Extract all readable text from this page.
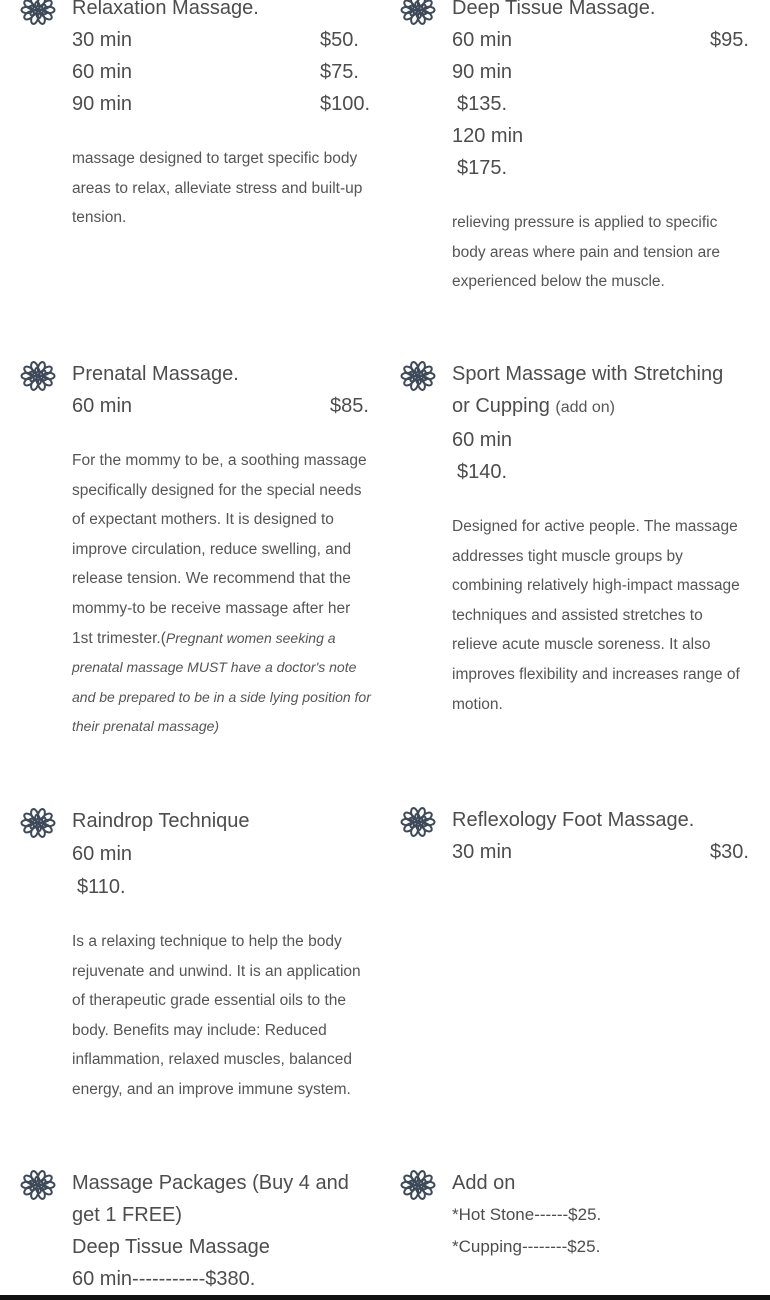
Relaxation Massage.
30 min	$50.
60 min	$75.
90 min	$100.
massage designed to target specific body areas to relax, alleviate stress and built-up tension.
Deep Tissue Massage.
60 min	$95.
90 min
$135.
120 min
$175.
relieving pressure is applied to specific body areas where pain and tension are experienced below the muscle.
Prenatal Massage.
60 min	$85.
For the mommy to be, a soothing massage specifically designed for the special needs of expectant mothers. It is designed to improve circulation, reduce swelling, and release tension. We recommend that the mommy-to be receive massage after her 1st trimester.(Pregnant women seeking a prenatal massage MUST have a doctor's note and be prepared to be in a side lying position for their prenatal massage)
Sport Massage with Stretching
or Cupping (add on)
60 min
$140.
Designed for active people. The massage addresses tight muscle groups by combining relatively high-impact massage techniques and assisted stretches to relieve acute muscle soreness. It also improves flexibility and increases range of motion.
Raindrop Technique
60 min
$110.
Is a relaxing technique to help the body rejuvenate and unwind. It is an application of therapeutic grade essential oils to the body. Benefits may include: Reduced inflammation, relaxed muscles, balanced energy, and an improve immune system.
Reflexology Foot Massage.
30 min	$30.
Massage Packages (Buy 4 and
get 1 FREE)
Deep Tissue Massage
60 min-----------$380.
Add on
*Hot Stone------$25.
*Cupping--------$25.
